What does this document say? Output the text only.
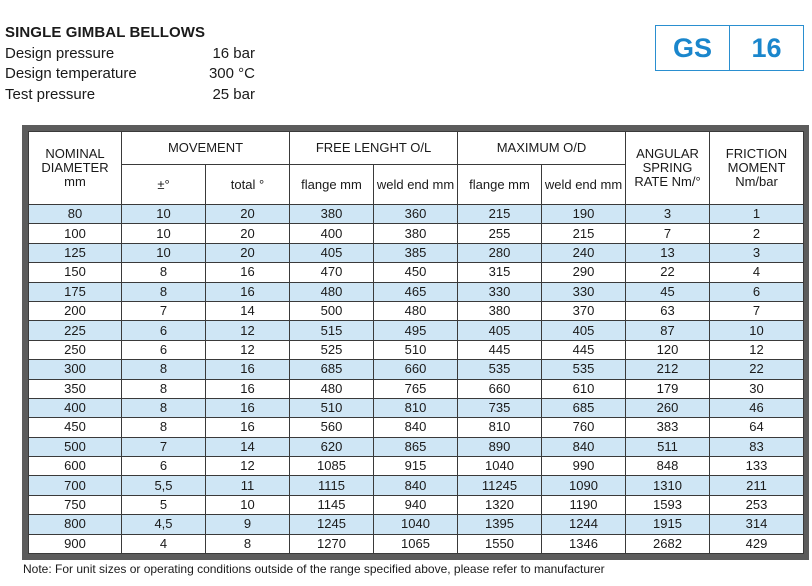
SINGLE GIMBAL BELLOWS
Design pressure	16 bar
Design temperature	300 °C
Test pressure	25 bar
GS	16
NOMINAL DIAMETER mm	MOVEMENT		FREE LENGHT O/L		MAXIMUM O/D		ANGULAR SPRING RATE Nm/°	FRICTION MOMENT Nm/bar
	±°	total °	flange mm	weld end mm	flange mm	weld end mm		
80	10	20	380	360	215	190	3	1
100	10	20	400	380	255	215	7	2
125	10	20	405	385	280	240	13	3
150	8	16	470	450	315	290	22	4
175	8	16	480	465	330	330	45	6
200	7	14	500	480	380	370	63	7
225	6	12	515	495	405	405	87	10
250	6	12	525	510	445	445	120	12
300	8	16	685	660	535	535	212	22
350	8	16	480	765	660	610	179	30
400	8	16	510	810	735	685	260	46
450	8	16	560	840	810	760	383	64
500	7	14	620	865	890	840	511	83
600	6	12	1085	915	1040	990	848	133
700	5,5	11	1115	840	11245	1090	1310	211
750	5	10	1145	940	1320	1190	1593	253
800	4,5	9	1245	1040	1395	1244	1915	314
900	4	8	1270	1065	1550	1346	2682	429
Note: For unit sizes or operating conditions outside of the range specified above, please refer to manufacturer
